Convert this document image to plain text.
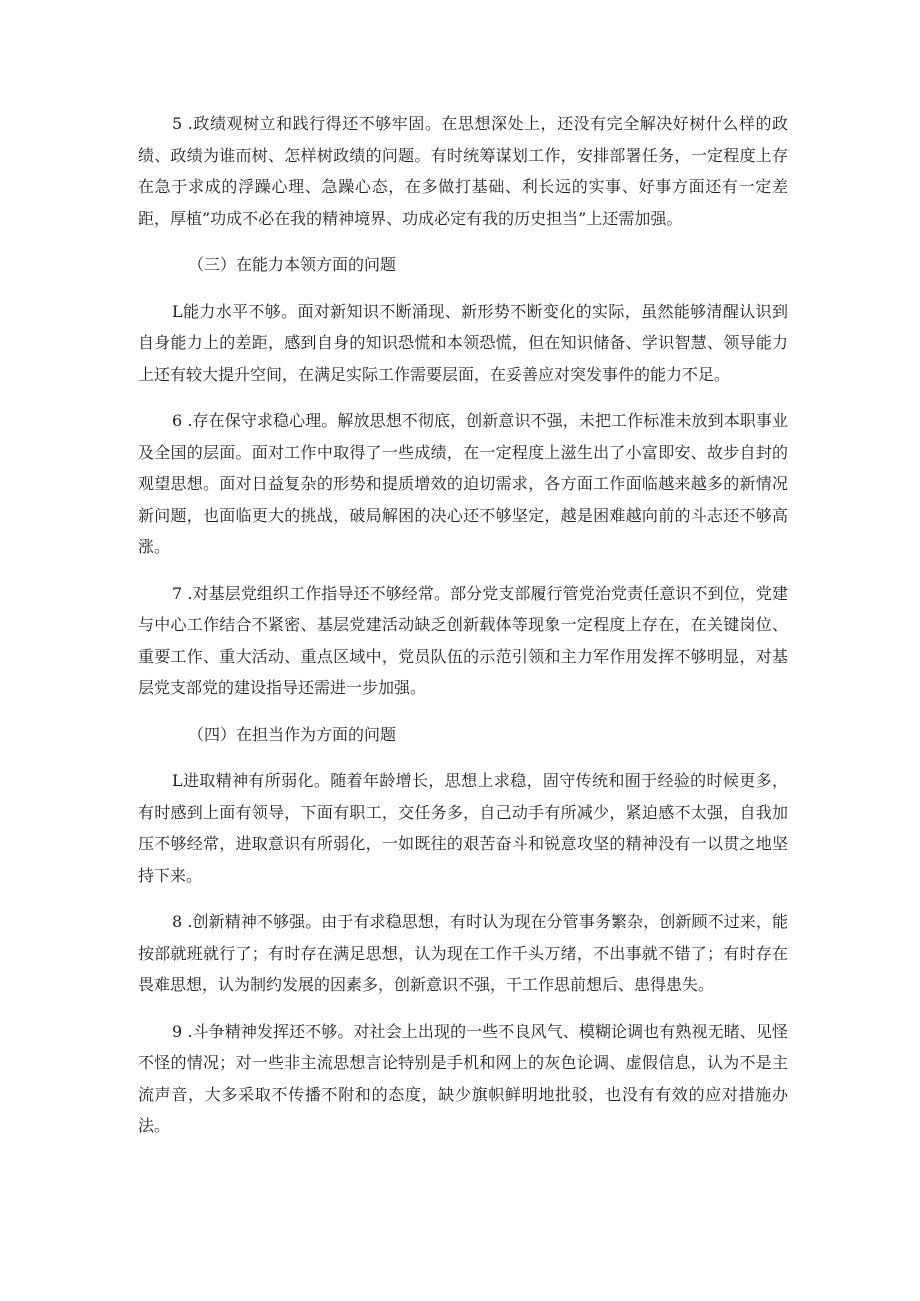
5 .政绩观树立和践行得还不够牢固。在思想深处上，还没有完全解决好树什么样的政绩、政绩为谁而树、怎样树政绩的问题。有时统筹谋划工作，安排部署任务，一定程度上存在急于求成的浮躁心理、急躁心态，在多做打基础、利长远的实事、好事方面还有一定差距，厚植”功成不必在我的精神境界、功成必定有我的历史担当”上还需加强。

（三）在能力本领方面的问题

L能力水平不够。面对新知识不断涌现、新形势不断变化的实际，虽然能够清醒认识到自身能力上的差距，感到自身的知识恐慌和本领恐慌，但在知识储备、学识智慧、领导能力上还有较大提升空间，在满足实际工作需要层面，在妥善应对突发事件的能力不足。

6 .存在保守求稳心理。解放思想不彻底，创新意识不强，未把工作标准未放到本职事业及全国的层面。面对工作中取得了一些成绩，在一定程度上滋生出了小富即安、故步自封的观望思想。面对日益复杂的形势和提质增效的迫切需求，各方面工作面临越来越多的新情况新问题，也面临更大的挑战，破局解困的决心还不够坚定，越是困难越向前的斗志还不够高涨。

7 .对基层党组织工作指导还不够经常。部分党支部履行管党治党责任意识不到位，党建与中心工作结合不紧密、基层党建活动缺乏创新载体等现象一定程度上存在，在关键岗位、重要工作、重大活动、重点区域中，党员队伍的示范引领和主力军作用发挥不够明显，对基层党支部党的建设指导还需进一步加强。

（四）在担当作为方面的问题

L进取精神有所弱化。随着年龄增长，思想上求稳，固守传统和囿于经验的时候更多，有时感到上面有领导，下面有职工，交任务多，自己动手有所减少，紧迫感不太强，自我加压不够经常，进取意识有所弱化，一如既往的艰苦奋斗和锐意攻坚的精神没有一以贯之地坚持下来。

8 .创新精神不够强。由于有求稳思想，有时认为现在分管事务繁杂，创新顾不过来，能按部就班就行了；有时存在满足思想，认为现在工作千头万绪，不出事就不错了；有时存在畏难思想，认为制约发展的因素多，创新意识不强，干工作思前想后、患得患失。

9 .斗争精神发挥还不够。对社会上出现的一些不良风气、模糊论调也有熟视无睹、见怪不怪的情况；对一些非主流思想言论特别是手机和网上的灰色论调、虚假信息，认为不是主流声音，大多采取不传播不附和的态度，缺少旗帜鲜明地批驳，也没有有效的应对措施办法。
